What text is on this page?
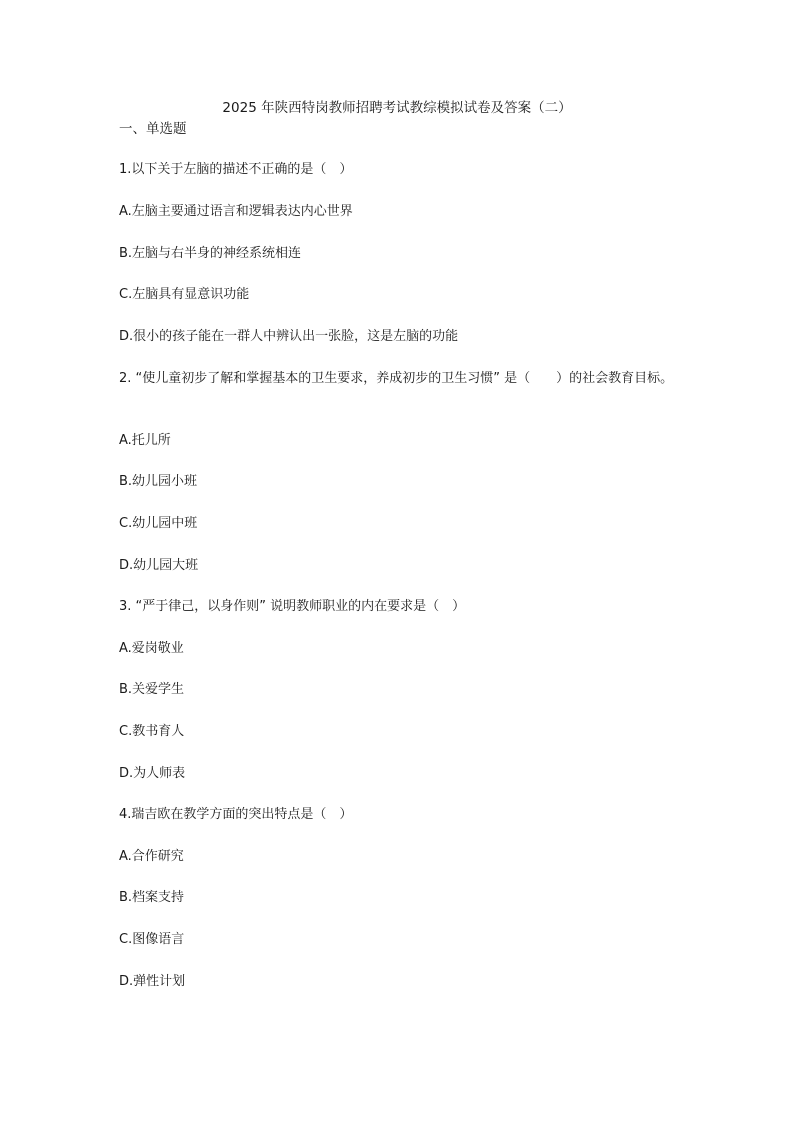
2025 年陕西特岗教师招聘考试教综模拟试卷及答案（二）
一、单选题
1.以下关于左脑的描述不正确的是（　）
A.左脑主要通过语言和逻辑表达内心世界
B.左脑与右半身的神经系统相连
C.左脑具有显意识功能
D.很小的孩子能在一群人中辨认出一张脸，这是左脑的功能
2. “使儿童初步了解和掌握基本的卫生要求，养成初步的卫生习惯” 是（　　）的社会教育目标。
A.托儿所
B.幼儿园小班
C.幼儿园中班
D.幼儿园大班
3. “严于律己，以身作则” 说明教师职业的内在要求是（　）
A.爱岗敬业
B.关爱学生
C.教书育人
D.为人师表
4.瑞吉欧在教学方面的突出特点是（　）
A.合作研究
B.档案支持
C.图像语言
D.弹性计划
